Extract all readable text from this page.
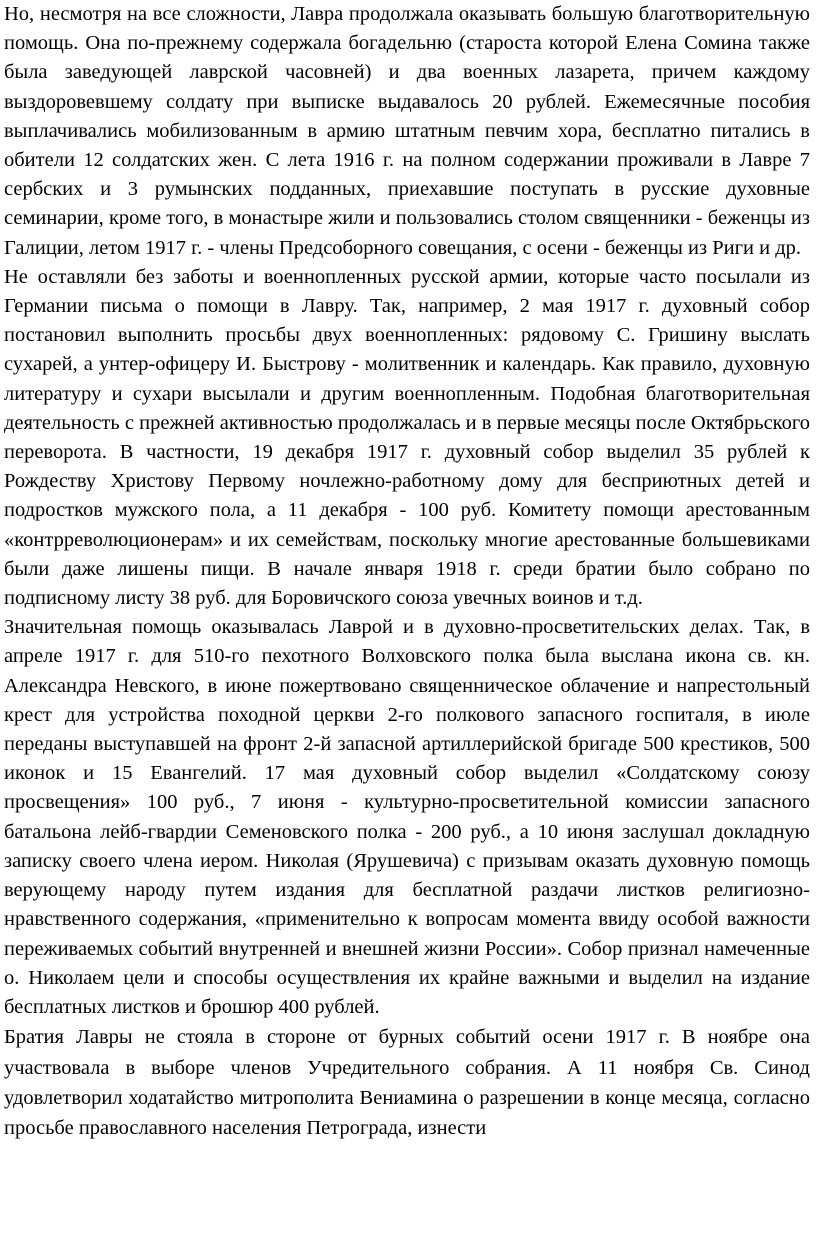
Но, несмотря на все сложности, Лавра продолжала оказывать большую благотворительную помощь. Она по-прежнему содержала богадельню (староста которой Елена Сомина также была заведующей лаврской часовней) и два военных лазарета, причем каждому выздоровевшему солдату при выписке выдавалось 20 рублей. Ежемесячные пособия выплачивались мобилизованным в армию штатным певчим хора, бесплатно питались в обители 12 солдатских жен. С лета 1916 г. на полном содержании проживали в Лавре 7 сербских и 3 румынских подданных, приехавшие поступать в русские духовные семинарии, кроме того, в монастыре жили и пользовались столом священники - беженцы из Галиции, летом 1917 г. - члены Предсоборного совещания, с осени - беженцы из Риги и др.

Не оставляли без заботы и военнопленных русской армии, которые часто посылали из Германии письма о помощи в Лавру. Так, например, 2 мая 1917 г. духовный собор постановил выполнить просьбы двух военнопленных: рядовому С. Гришину выслать сухарей, а унтер-офицеру И. Быстрову - молитвенник и календарь. Как правило, духовную литературу и сухари высылали и другим военнопленным. Подобная благотворительная деятельность с прежней активностью продолжалась и в первые месяцы после Октябрьского переворота. В частности, 19 декабря 1917 г. духовный собор выделил 35 рублей к Рождеству Христову Первому ночлежно-работному дому для бесприютных детей и подростков мужского пола, а 11 декабря - 100 руб. Комитету помощи арестованным «контрреволюционерам» и их семействам, поскольку многие арестованные большевиками были даже лишены пищи. В начале января 1918 г. среди братии было собрано по подписному листу 38 руб. для Боровичского союза увечных воинов и т.д.

Значительная помощь оказывалась Лаврой и в духовно-просветительских делах. Так, в апреле 1917 г. для 510-го пехотного Волховского полка была выслана икона св. кн. Александра Невского, в июне пожертвовано священническое облачение и напрестольный крест для устройства походной церкви 2-го полкового запасного госпиталя, в июле переданы выступавшей на фронт 2-й запасной артиллерийской бригаде 500 крестиков, 500 иконок и 15 Евангелий. 17 мая духовный собор выделил «Солдатскому союзу просвещения» 100 руб., 7 июня - культурно-просветительной комиссии запасного батальона лейб-гвардии Семеновского полка - 200 руб., а 10 июня заслушал докладную записку своего члена иером. Николая (Ярушевича) с призывам оказать духовную помощь верующему народу путем издания для бесплатной раздачи листков религиозно-нравственного содержания, «применительно к вопросам момента ввиду особой важности переживаемых событий внутренней и внешней жизни России». Собор признал намеченные о. Николаем цели и способы осуществления их крайне важными и выделил на издание бесплатных листков и брошюр 400 рублей.

Братия Лавры не стояла в стороне от бурных событий осени 1917 г. В ноябре она участвовала в выборе членов Учредительного собрания. А 11 ноября Св. Синод удовлетворил ходатайство митрополита Вениамина о разрешении в конце месяца, согласно просьбе православного населения Петрограда, изнести
